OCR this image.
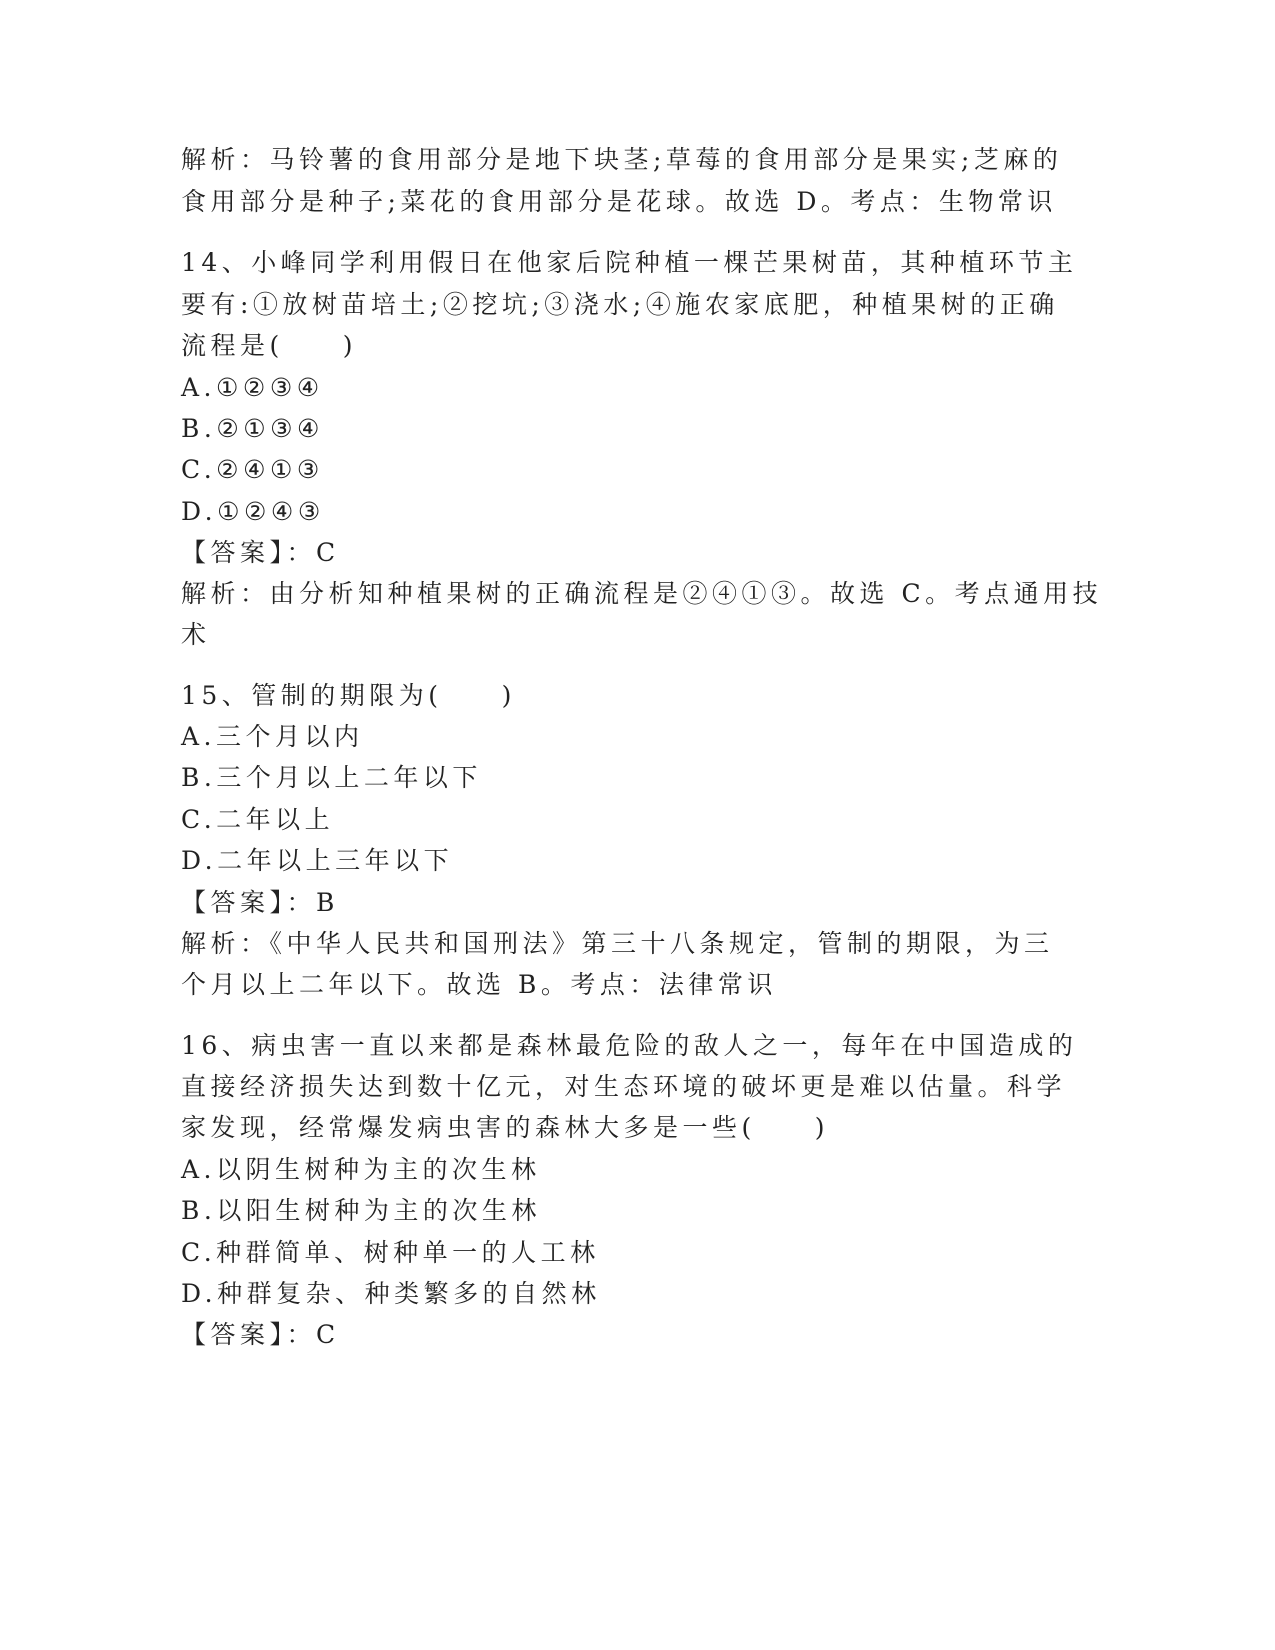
解析：马铃薯的食用部分是地下块茎;草莓的食用部分是果实;芝麻的
食用部分是种子;菜花的食用部分是花球。故选 D。考点：生物常识
14、小峰同学利用假日在他家后院种植一棵芒果树苗，其种植环节主
要有:①放树苗培土;②挖坑;③浇水;④施农家底肥，种植果树的正确
流程是(　　)
A.①②③④
B.②①③④
C.②④①③
D.①②④③
【答案】：C
解析：由分析知种植果树的正确流程是②④①③。故选 C。考点通用技
术
15、管制的期限为(　　)
A.三个月以内
B.三个月以上二年以下
C.二年以上
D.二年以上三年以下
【答案】：B
解析：《中华人民共和国刑法》第三十八条规定，管制的期限，为三
个月以上二年以下。故选 B。考点：法律常识
16、病虫害一直以来都是森林最危险的敌人之一，每年在中国造成的
直接经济损失达到数十亿元，对生态环境的破坏更是难以估量。科学
家发现，经常爆发病虫害的森林大多是一些(　　)
A.以阴生树种为主的次生林
B.以阳生树种为主的次生林
C.种群简单、树种单一的人工林
D.种群复杂、种类繁多的自然林
【答案】：C
